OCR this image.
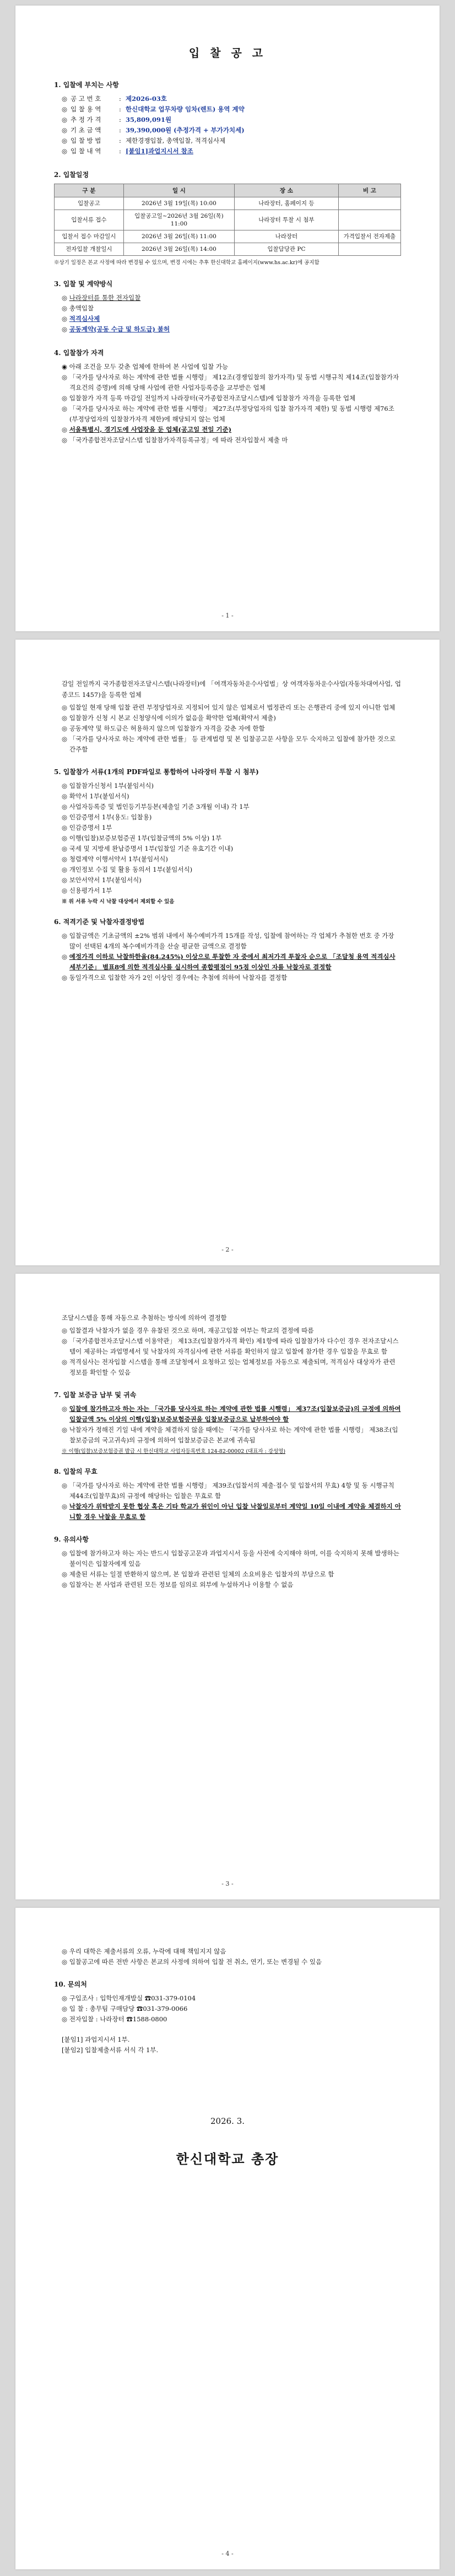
입 찰 공 고
1. 입찰에 부치는 사항
◎ 공 고 번 호	: 제2026-03호
◎ 입 찰 용 역	: 한신대학교 업무차량 임차(렌트) 용역 계약
◎ 추 정 가 격	: 35,809,091원
◎ 기 초 금 액	: 39,390,000원 (추정가격 + 부가가치세)
◎ 입 찰 방 법	: 제한경쟁입찰, 총액입찰, 적격심사제
◎ 입 찰 내 역	: [붙임1]과업지시서 참조
2. 입찰일정
구 분	일 시	장 소	비 고
입찰공고	2026년 3월 19일(목) 10:00	나라장터, 홈페이지 등	
입찰서류 접수	입찰공고일~2026년 3월 26일(목) 11:00	나라장터 투찰 시 첨부	
입찰서 접수 마감일시	2026년 3월 26일(목) 11:00	나라장터	가격입찰서 전자제출
전자입찰 개찰일시	2026년 3월 26일(목) 14:00	입찰담당관 PC	
※상기 일정은 본교 사정에 따라 변경될 수 있으며, 변경 시에는 추후 한신대학교 홈페이지(www.hs.ac.kr)에 공지함
3. 입찰 및 계약방식
◎ 나라장터를 통한 전자입찰
◎ 총액입찰
◎ 적격심사제
◎ 공동계약(공동 수급 및 하도급) 불허
4. 입찰참가 자격
◉ 아래 조건을 모두 갖춘 업체에 한하여 본 사업에 입찰 가능
◎ 「국가를 당사자로 하는 계약에 관한 법률 시행령」 제12조(경쟁입찰의 참가자격) 및 동법 시행규칙 제14조(입찰참가자격요건의 증명)에 의해 당해 사업에 관한 사업자등록증을 교부받은 업체
◎ 입찰참가 자격 등록 마감일 전일까지 나라장터(국가종합전자조달시스템)에 입찰참가 자격을 등록한 업체
◎ 「국가를 당사자로 하는 계약에 관한 법률 시행령」 제27조(부정당업자의 입찰 참가자격 제한) 및 동법 시행령 제76조(부정당업자의 입찰참가자격 제한)에 해당되지 않는 업체
◎ 서울특별시, 경기도에 사업장을 둔 업체(공고일 전일 기준)
◎ 「국가종합전자조달시스템 입찰참가자격등록규정」에 따라 전자입찰서 제출 마
- 1 -
감일 전일까지 국가종합전자조달시스템(나라장터)에 「여객자동차운수사업법」상 여객자동차운수사업(자동차대여사업, 업종코드 1457)을 등록한 업체
◎ 입찰일 현재 당해 입찰 관련 부정당업자로 지정되어 있지 않은 업체로서 법정관리 또는 은행관리 중에 있지 아니한 업체
◎ 입찰참가 신청 시 본교 신청양식에 이의가 없음을 확약한 업체(확약서 제출)
◎ 공동계약 및 하도급은 허용하지 않으며 입찰참가 자격을 갖춘 자에 한함
◎ 「국가를 당사자로 하는 계약에 관한 법률」 등 관계법령 및 본 입찰공고문 사항을 모두 숙지하고 입찰에 참가한 것으로 간주함
5. 입찰참가 서류(1개의 PDF파일로 통합하여 나라장터 투찰 시 첨부)
◎ 입찰참가신청서 1부(붙임서식)
◎ 확약서 1부(붙임서식)
◎ 사업자등록증 및 법인등기부등본(제출일 기준 3개월 이내) 각 1부
◎ 인감증명서 1부(용도: 입찰용)
◎ 인감증명서 1부
◎ 이행(입찰)보증보험증권 1부(입찰금액의 5% 이상) 1부
◎ 국세 및 지방세 완납증명서 1부(입찰일 기준 유효기간 이내)
◎ 청렴계약 이행서약서 1부(붙임서식)
◎ 개인정보 수집 및 활용 동의서 1부(붙임서식)
◎ 보안서약서 1부(붙임서식)
◎ 신용평가서 1부
※ 위 서류 누락 시 낙찰 대상에서 제외할 수 있음
6. 적격기준 및 낙찰자결정방법
◎ 입찰금액은 기초금액의 ±2% 범위 내에서 복수예비가격 15개를 작성, 입찰에 참여하는 각 업체가 추첨한 번호 중 가장 많이 선택된 4개의 복수예비가격을 산술 평균한 금액으로 결정함
◎ 예정가격 이하로 낙찰하한율(84.245%) 이상으로 투찰한 자 중에서 최저가격 투찰자 순으로 「조달청 용역 적격심사 세부기준」 별표8에 의한 적격심사를 실시하여 종합평점이 95점 이상인 자를 낙찰자로 결정함
◎ 동일가격으로 입찰한 자가 2인 이상인 경우에는 추첨에 의하여 낙찰자를 결정함
- 2 -
조달시스템을 통해 자동으로 추첨하는 방식에 의하여 결정함
◎ 입찰결과 낙찰자가 없을 경우 유찰된 것으로 하며, 재공고입찰 여부는 학교의 결정에 따름
◎ 「국가종합전자조달시스템 이용약관」 제13조(입찰참가자격 확인) 제1항에 따라 입찰참가자 다수인 경우 전자조달시스템이 제공하는 과업명세서 및 낙찰자의 자격심사에 관한 서류를 확인하지 않고 입찰에 참가한 경우 입찰을 무효로 함
◎ 적격심사는 전자입찰 시스템을 통해 조달청에서 요청하고 있는 업체정보를 자동으로 제출되며, 적격심사 대상자가 관련 정보를 확인할 수 있음
7. 입찰 보증금 납부 및 귀속
◎ 입찰에 참가하고자 하는 자는 「국가를 당사자로 하는 계약에 관한 법률 시행령」 제37조(입찰보증금)의 규정에 의하여 입찰금액 5% 이상의 이행(입찰)보증보험증권을 입찰보증금으로 납부하여야 함
◎ 낙찰자가 정해진 기일 내에 계약을 체결하지 않을 때에는 「국가를 당사자로 하는 계약에 관한 법률 시행령」 제38조(입찰보증금의 국고귀속)의 규정에 의하여 입찰보증금은 본교에 귀속됨
※ 이행(입찰)보증보험증권 발급 시 한신대학교 사업자등록번호 124-82-00002 (대표자 : 강성영)
8. 입찰의 무효
◎ 「국가를 당사자로 하는 계약에 관한 법률 시행령」 제39조(입찰서의 제출·접수 및 입찰서의 무효) 4항 및 동 시행규칙 제44조(입찰무효)의 규정에 해당하는 입찰은 무효로 함
◎ 낙찰자가 위탁받지 못한 협상 혹은 기타 학교가 원인이 아닌 입찰 낙찰일로부터 계약일 10일 이내에 계약을 체결하지 아니할 경우 낙찰을 무효로 함
9. 유의사항
◎ 입찰에 참가하고자 하는 자는 반드시 입찰공고문과 과업지시서 등을 사전에 숙지해야 하며, 이를 숙지하지 못해 발생하는 불이익은 입찰자에게 있음
◎ 제출된 서류는 일절 반환하지 않으며, 본 입찰과 관련된 일체의 소요비용은 입찰자의 부담으로 함
◎ 입찰자는 본 사업과 관련된 모든 정보를 임의로 외부에 누설하거나 이용할 수 없음
- 3 -
◎ 우리 대학은 제출서류의 오류, 누락에 대해 책임지지 않음
◎ 입찰공고에 따른 전반 사항은 본교의 사정에 의하여 입찰 전 취소, 연기, 또는 변경될 수 있음
10. 문의처
◎ 구입조사 : 입학인재개발실 ☎031-379-0104
◎ 입 찰 : 총무팀 구매담당 ☎031-379-0066
◎ 전자입찰 : 나라장터 ☎1588-0800
[붙임1] 과업지시서 1부.
[붙임2] 입찰제출서류 서식 각 1부.
2026. 3.
한신대학교 총장
- 4 -
